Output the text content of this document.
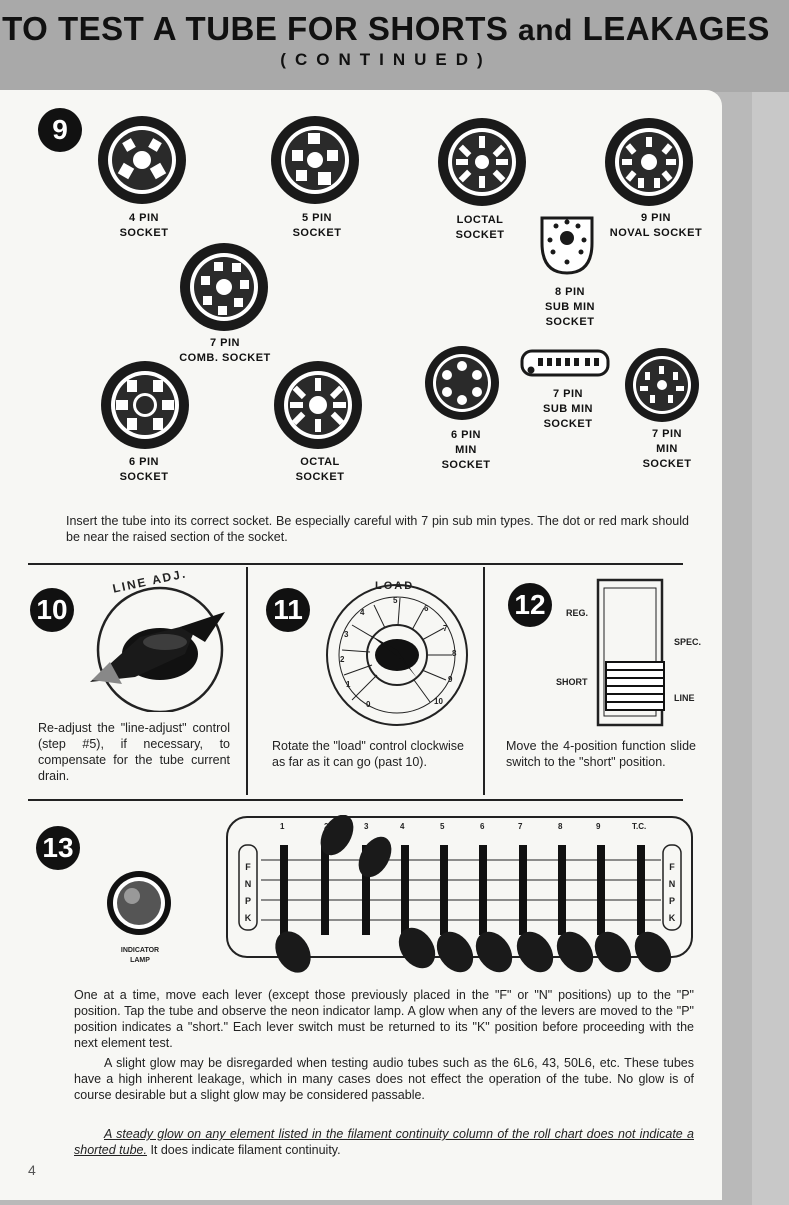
TO TEST A TUBE FOR SHORTS and LEAKAGES
(CONTINUED)
9
4 PIN
SOCKET
5 PIN
SOCKET
LOCTAL
SOCKET
9 PIN
NOVAL SOCKET
8 PIN
SUB MIN
SOCKET
7 PIN
COMB. SOCKET
6 PIN
SOCKET
OCTAL
SOCKET
6 PIN
MIN
SOCKET
7 PIN
SUB MIN
SOCKET
7 PIN
MIN
SOCKET
Insert the tube into its correct socket. Be especially careful with 7 pin sub min types. The dot or red mark should be near the raised section of the socket.
10
LINE ADJ.
Re-adjust the "line-adjust" control (step #5), if necessary, to compensate for the tube current drain.
11
LOAD
0
1
2
3
4
5
6
7
8
9
10
Rotate the "load" control clockwise as far as it can go (past 10).
12	REG.
SPEC.
SHORT
LINE
Move the 4-position function slide switch to the "short" position.
13
INDICATOR
LAMP
1	2	3	4	5	6	7	8	9	T.C.
F
N
P
K
F
N
P
K
One at a time, move each lever (except those previously placed in the "F" or "N" positions) up to the "P" position. Tap the tube and observe the neon indicator lamp. A glow when any of the levers are moved to the "P" position indicates a "short." Each lever switch must be returned to its "K" position before proceeding with the next element test.
A slight glow may be disregarded when testing audio tubes such as the 6L6, 43, 50L6, etc. These tubes have a high inherent leakage, which in many cases does not effect the operation of the tube. No glow is of course desirable but a slight glow may be considered passable.
A steady glow on any element listed in the filament continuity column of the roll chart does not indicate a shorted tube. It does indicate filament continuity.
4
